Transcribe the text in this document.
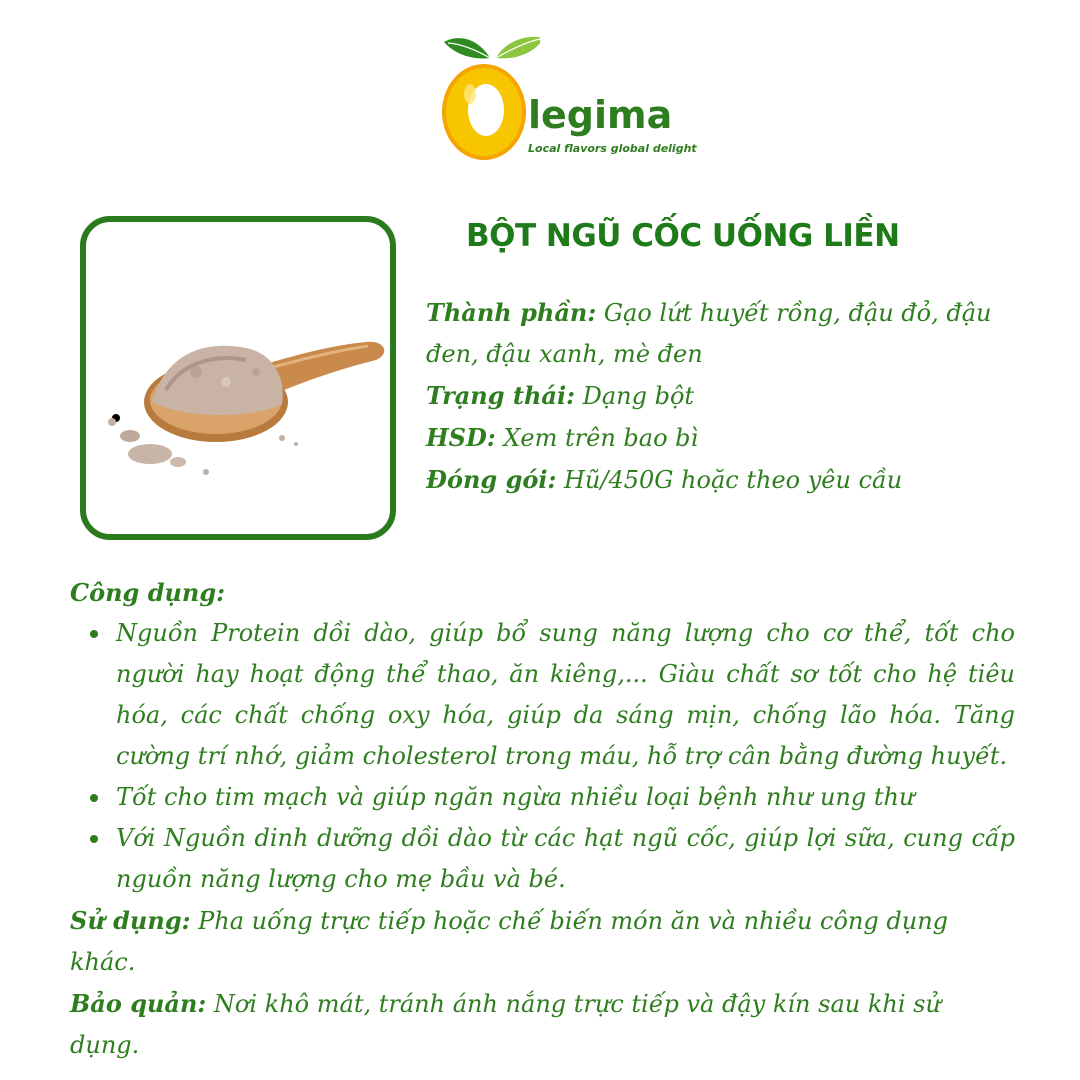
legima
Local flavors global delight
BỘT NGŨ CỐC UỐNG LIỀN
Thành phần: Gạo lứt huyết rồng, đậu đỏ, đậu đen, đậu xanh, mè đen
Trạng thái: Dạng bột
HSD: Xem trên bao bì
Đóng gói: Hũ/450G hoặc theo yêu cầu
Công dụng:
Nguồn Protein dồi dào, giúp bổ sung năng lượng cho cơ thể, tốt cho người hay hoạt động thể thao, ăn kiêng,... Giàu chất sơ tốt cho hệ tiêu hóa, các chất chống oxy hóa, giúp da sáng mịn, chống lão hóa. Tăng cường trí nhớ, giảm cholesterol trong máu, hỗ trợ cân bằng đường huyết.
Tốt cho tim mạch và giúp ngăn ngừa nhiều loại bệnh như ung thư
Với Nguồn dinh dưỡng dồi dào từ các hạt ngũ cốc, giúp lợi sữa, cung cấp nguồn năng lượng cho mẹ bầu và bé.
Sử dụng: Pha uống trực tiếp hoặc chế biến món ăn và nhiều công dụng khác.
Bảo quản: Nơi khô mát, tránh ánh nắng trực tiếp và đậy kín sau khi sử dụng.
